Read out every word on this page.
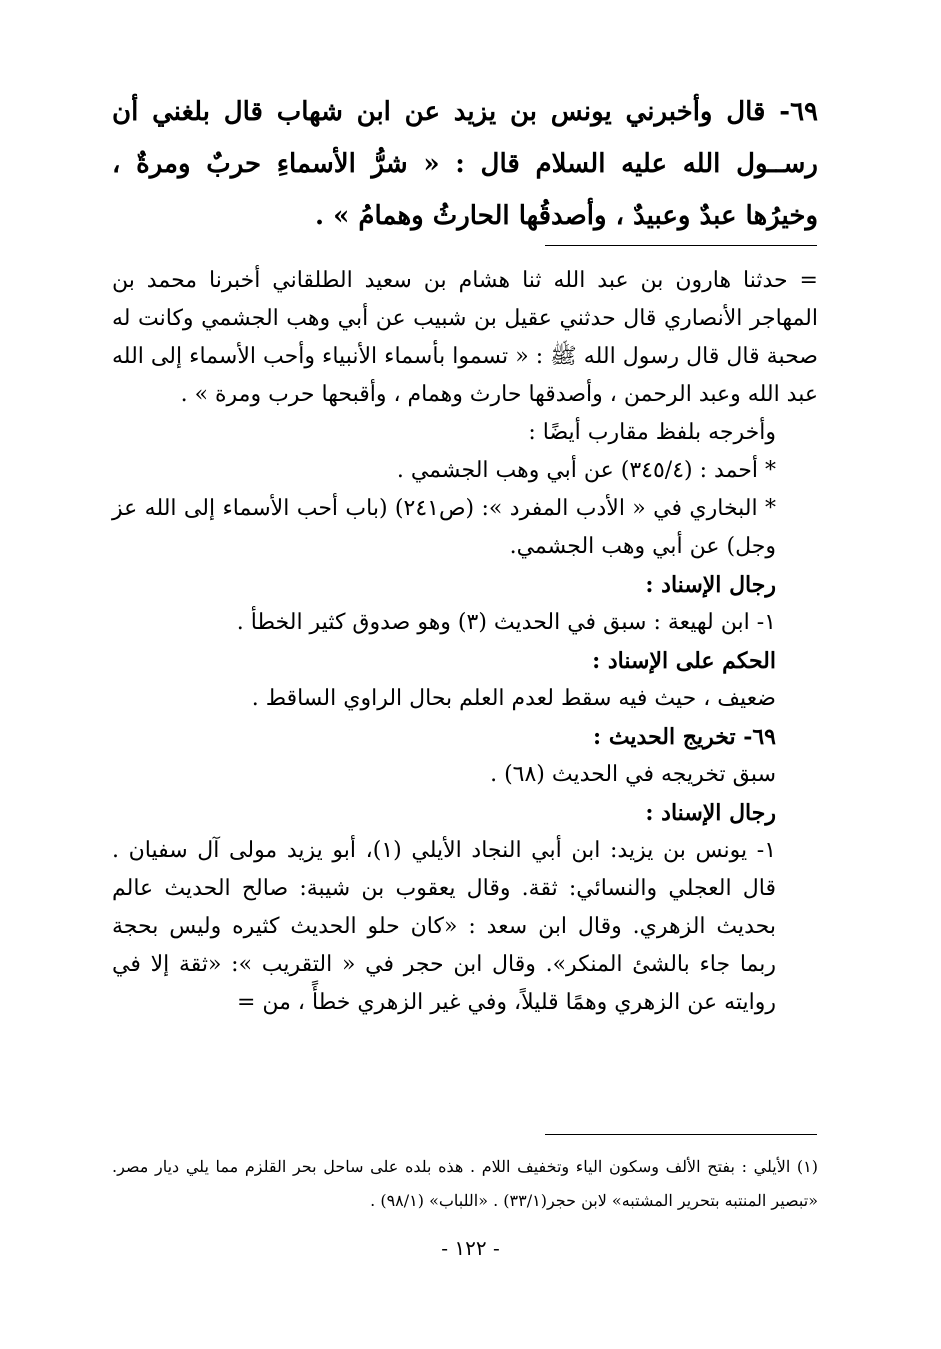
٦٩- قال وأخبرني يونس بن يزيد عن ابن شهاب قال بلغني أن رســول الله عليه السلام قال : « شرُّ الأسماءِ حربٌ ومرةٌ ، وخيرُها عبدٌ وعبيدٌ ، وأصدقُها الحارثُ وهمامُ » .
= حدثنا هارون بن عبد الله ثنا هشام بن سعيد الطلقاني أخبرنا محمد بن المهاجر الأنصاري قال حدثني عقيل بن شبيب عن أبي وهب الجشمي وكانت له صحبة قال قال رسول الله ﷺ : « تسموا بأسماء الأنبياء وأحب الأسماء إلى الله عبد الله وعبد الرحمن ، وأصدقها حارث وهمام ، وأقبحها حرب ومرة » .
وأخرجه بلفظ مقارب أيضًا :
* أحمد : (٣٤٥/٤) عن أبي وهب الجشمي .
* البخاري في « الأدب المفرد »: (ص٢٤١) (باب أحب الأسماء إلى الله عز وجل) عن أبي وهب الجشمي.
رجال الإسناد :
١- ابن لهيعة : سبق في الحديث (٣) وهو صدوق كثير الخطأ .
الحكم على الإسناد :
ضعيف ، حيث فيه سقط لعدم العلم بحال الراوي الساقط .
٦٩- تخريج الحديث :
سبق تخريجه في الحديث (٦٨) .
رجال الإسناد :
١- يونس بن يزيد: ابن أبي النجاد الأيلي (١)، أبو يزيد مولى آل سفيان . قال العجلي والنسائي: ثقة. وقال يعقوب بن شيبة: صالح الحديث عالم بحديث الزهري. وقال ابن سعد : «كان حلو الحديث كثيره وليس بحجة ربما جاء بالشئ المنكر». وقال ابن حجر في « التقريب »: «ثقة إلا في روايته عن الزهري وهمًا قليلاً، وفي غير الزهري خطأً ، من =
(١) الأيلي : بفتح الألف وسكون الياء وتخفيف اللام . هذه بلده على ساحل بحر القلزم مما يلي ديار مصر. «تبصير المنتبه بتحرير المشتبه» لابن حجر(٣٣/١) . «اللباب» (٩٨/١) .
- ١٢٢ -
